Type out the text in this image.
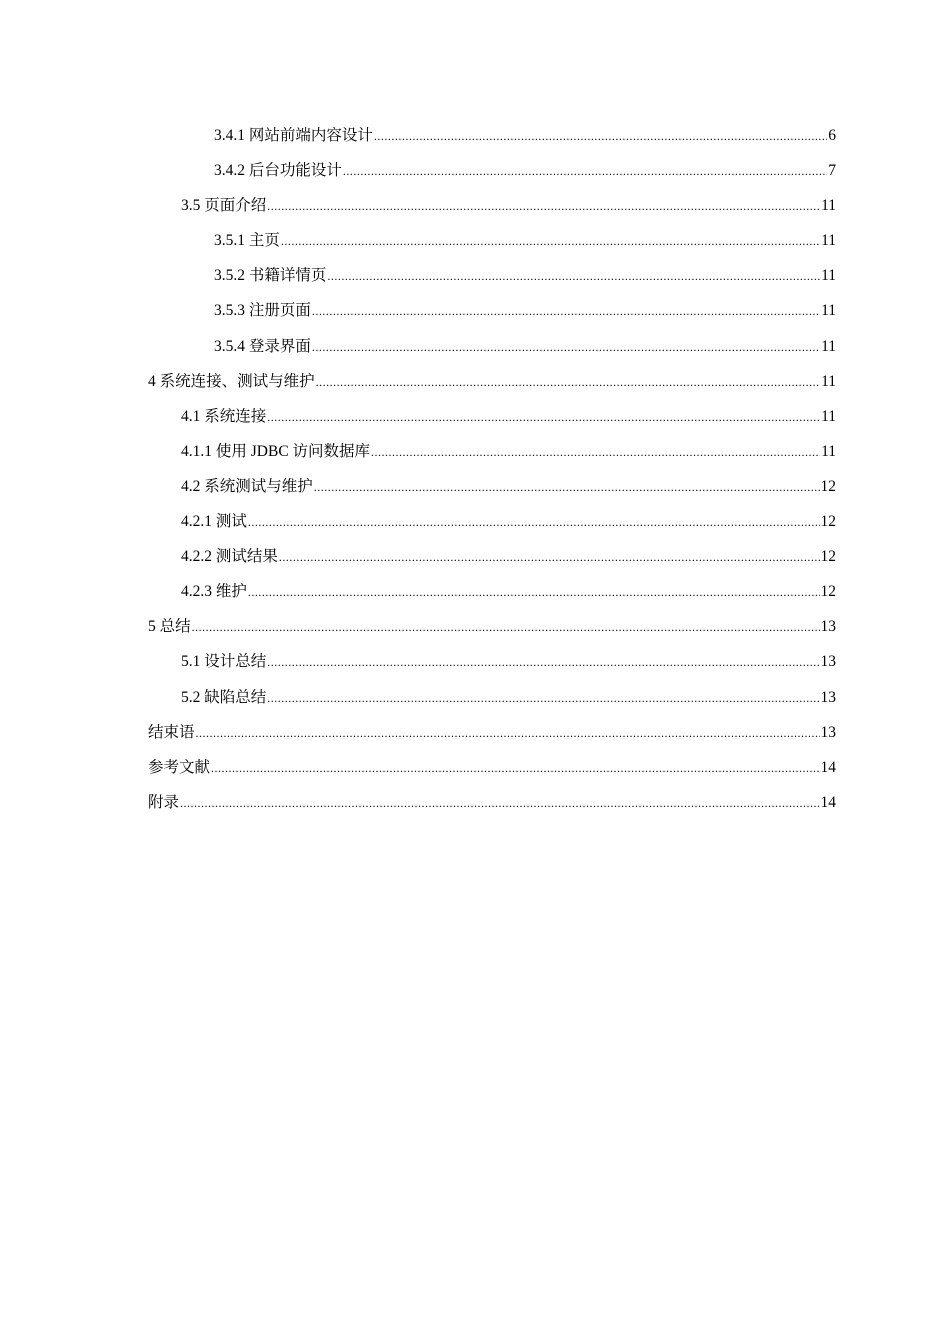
3.4.1 网站前端内容设计 .....	6
3.4.2 后台功能设计 .....	7
3.5 页面介绍 .....	11
3.5.1 主页 .....	11
3.5.2 书籍详情页 .....	11
3.5.3 注册页面 .....	11
3.5.4 登录界面 .....	11
4 系统连接、测试与维护 .....	11
4.1 系统连接 .....	11
4.1.1 使用 JDBC 访问数据库 .....	11
4.2 系统测试与维护 .....	12
4.2.1 测试 .....	12
4.2.2 测试结果 .....	12
4.2.3 维护 .....	12
5 总结 .....	13
5.1 设计总结 .....	13
5.2 缺陷总结 .....	13
结束语 .....	13
参考文献 .....	14
附录 .....	14
